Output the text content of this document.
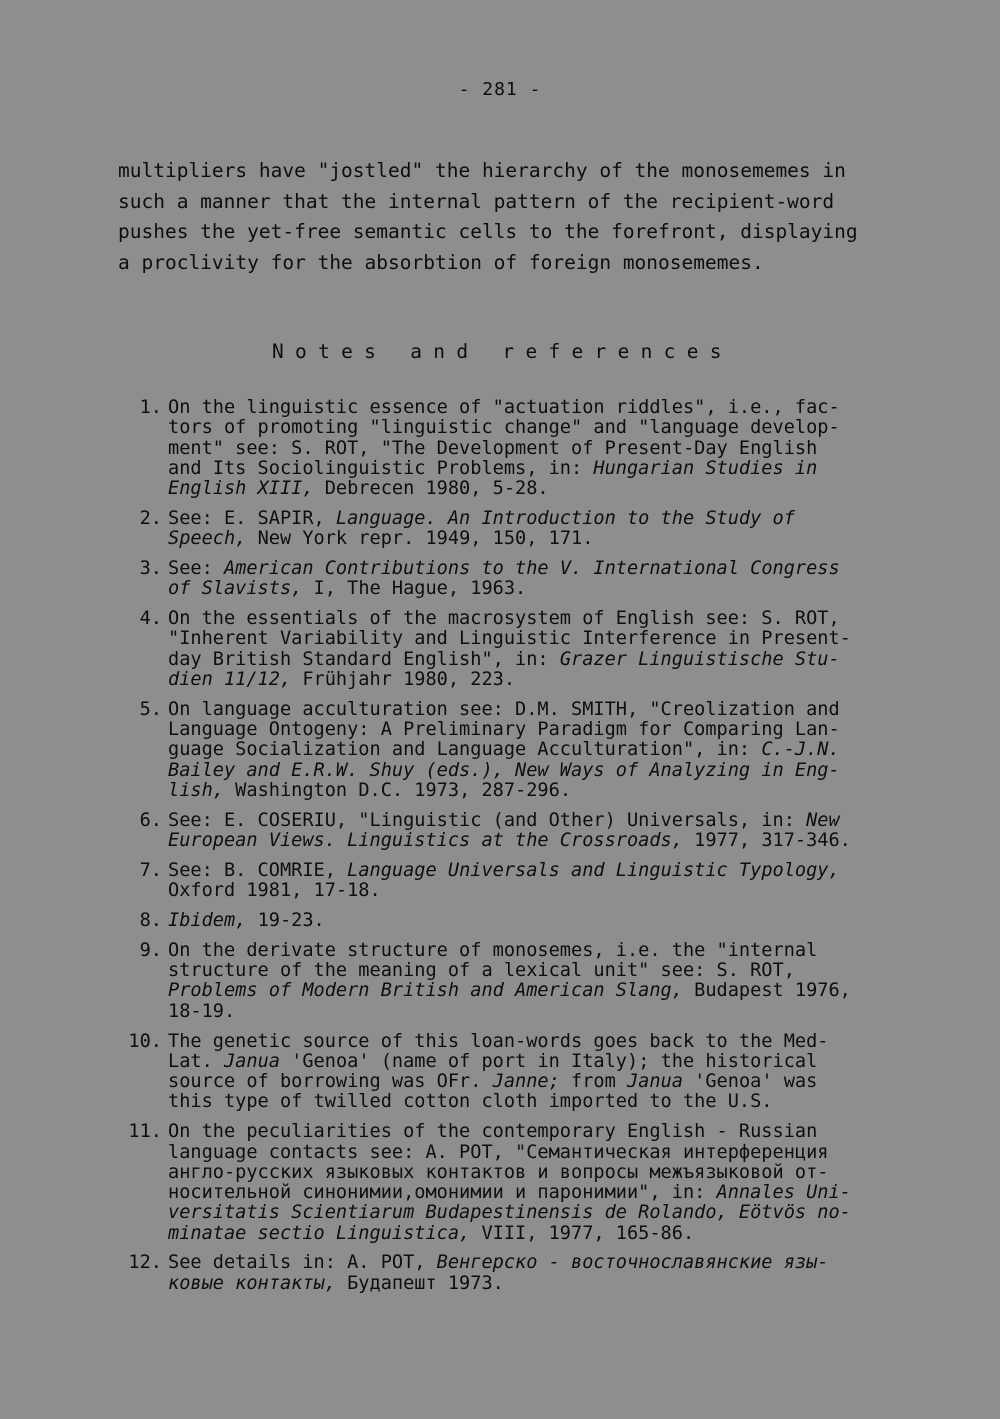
- 281 -
multipliers have "jostled" the hierarchy of the monosememes in
such a manner that the internal pattern of the recipient-word
pushes the yet-free semantic cells to the forefront, displaying
a proclivity for the absorbtion of foreign monosememes.
Notes and references
1. On the linguistic essence of "actuation riddles", i.e., fac-
tors of promoting "linguistic change" and "language develop-
ment" see: S. ROT, "The Development of Present-Day English
and Its Sociolinguistic Problems, in: Hungarian Studies in
English XIII, Debrecen 1980, 5-28.
2. See: E. SAPIR, Language. An Introduction to the Study of
Speech, New York repr. 1949, 150, 171.
3. See: American Contributions to the V. International Congress
of Slavists, I, The Hague, 1963.
4. On the essentials of the macrosystem of English see: S. ROT,
"Inherent Variability and Linguistic Interference in Present-
day British Standard English", in: Grazer Linguistische Stu-
dien 11/12, Frühjahr 1980, 223.
5. On language acculturation see: D.M. SMITH, "Creolization and
Language Ontogeny: A Preliminary Paradigm for Comparing Lan-
guage Socialization and Language Acculturation", in: C.-J.N.
Bailey and E.R.W. Shuy (eds.), New Ways of Analyzing in Eng-
lish, Washington D.C. 1973, 287-296.
6. See: E. COSERIU, "Linguistic (and Other) Universals, in: New
European Views. Linguistics at the Crossroads, 1977, 317-346.
7. See: B. COMRIE, Language Universals and Linguistic Typology,
Oxford 1981, 17-18.
8. Ibidem, 19-23.
9. On the derivate structure of monosemes, i.e. the "internal
structure of the meaning of a lexical unit" see: S. ROT,
Problems of Modern British and American Slang, Budapest 1976,
18-19.
10. The genetic source of this loan-words goes back to the Med-
Lat. Janua 'Genoa' (name of port in Italy); the historical
source of borrowing was OFr. Janne; from Janua 'Genoa' was
this type of twilled cotton cloth imported to the U.S.
11. On the peculiarities of the contemporary English - Russian
language contacts see: A. POT, "Семантическая интерференция
англо-русских языковых контактов и вопросы межъязыковой от-
носительной синонимии,омонимии и паронимии", in: Annales Uni-
versitatis Scientiarum Budapestinensis de Rolando, Eötvös no-
minatae sectio Linguistica, VIII, 1977, 165-86.
12. See details in: A. POT, Венгерско - восточнославянские язы-
ковые контакты, Будапешт 1973.
